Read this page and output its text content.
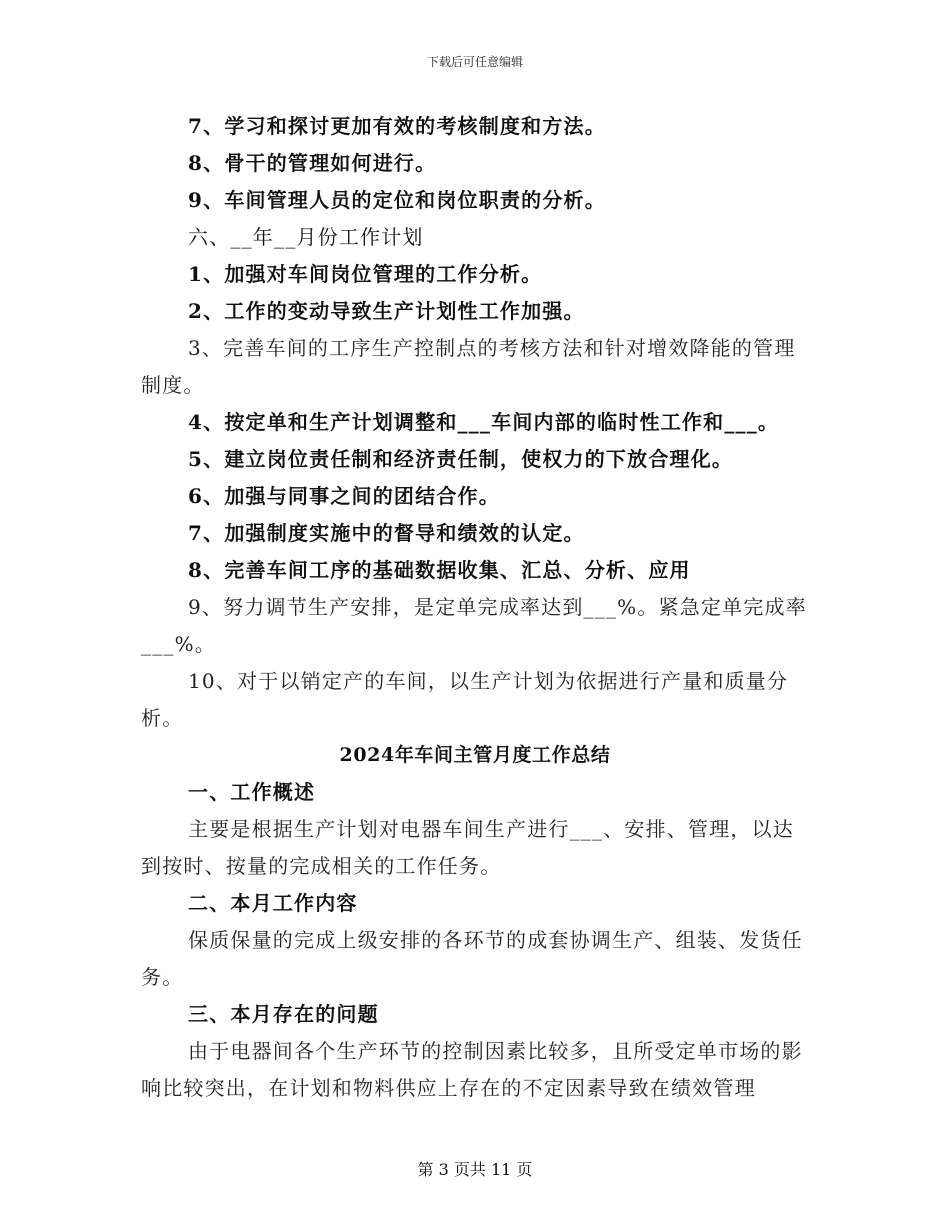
下载后可任意编辑

7、学习和探讨更加有效的考核制度和方法。

8、骨干的管理如何进行。

9、车间管理人员的定位和岗位职责的分析。

六、__年__月份工作计划

1、加强对车间岗位管理的工作分析。

2、工作的变动导致生产计划性工作加强。

3、完善车间的工序生产控制点的考核方法和针对增效降能的管理制度。

4、按定单和生产计划调整和___车间内部的临时性工作和___。

5、建立岗位责任制和经济责任制，使权力的下放合理化。

6、加强与同事之间的团结合作。

7、加强制度实施中的督导和绩效的认定。

8、完善车间工序的基础数据收集、汇总、分析、应用

9、努力调节生产安排，是定单完成率达到___%。紧急定单完成率___%。

10、对于以销定产的车间，以生产计划为依据进行产量和质量分析。

2024年车间主管月度工作总结

一、工作概述

主要是根据生产计划对电器车间生产进行___、安排、管理，以达到按时、按量的完成相关的工作任务。

二、本月工作内容

保质保量的完成上级安排的各环节的成套协调生产、组装、发货任务。

三、本月存在的问题

由于电器间各个生产环节的控制因素比较多，且所受定单市场的影响比较突出，在计划和物料供应上存在的不定因素导致在绩效管理

第 3 页共 11 页
